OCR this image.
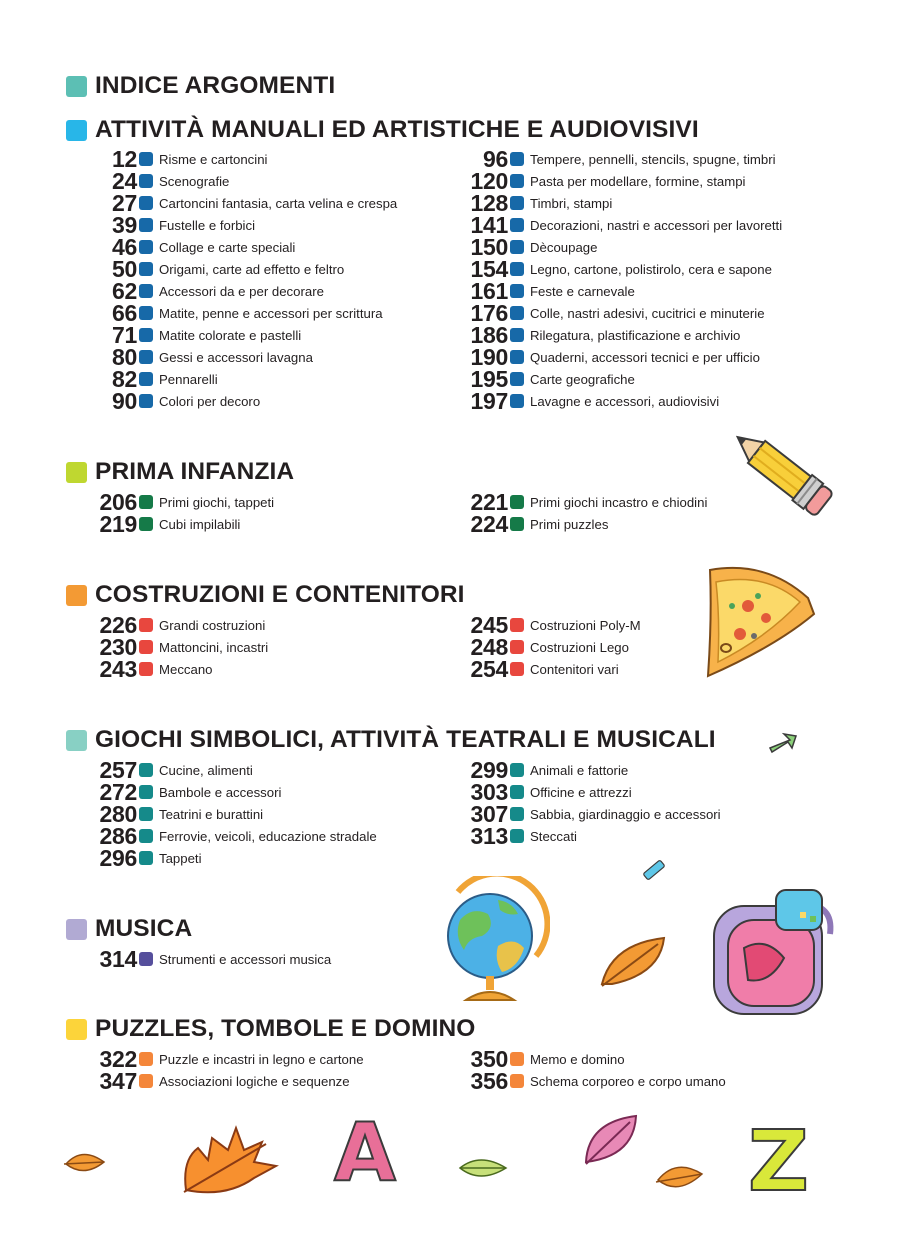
INDICE ARGOMENTI
ATTIVITÀ MANUALI ED ARTISTICHE E AUDIOVISIVI
PRIMA INFANZIA
COSTRUZIONI E CONTENITORI
GIOCHI SIMBOLICI, ATTIVITÀ TEATRALI E MUSICALI
MUSICA
PUZZLES, TOMBOLE E DOMINO
12 Risme e cartoncini
24 Scenografie
27 Cartoncini fantasia, carta velina e crespa
39 Fustelle e forbici
46 Collage e carte speciali
50 Origami, carte ad effetto e feltro
62 Accessori da e per decorare
66 Matite, penne e accessori per scrittura
71 Matite colorate e pastelli
80 Gessi e accessori lavagna
82 Pennarelli
90 Colori per decoro
96 Tempere, pennelli, stencils, spugne, timbri
120 Pasta per modellare, formine, stampi
128 Timbri, stampi
141 Decorazioni, nastri e accessori per lavoretti
150 Dècoupage
154 Legno, cartone, polistirolo, cera e sapone
161 Feste e carnevale
176 Colle, nastri adesivi, cucitrici e minuterie
186 Rilegatura, plastificazione e archivio
190 Quaderni, accessori tecnici e per ufficio
195 Carte geografiche
197 Lavagne e accessori, audiovisivi
206 Primi giochi, tappeti
219 Cubi impilabili
221 Primi giochi incastro e chiodini
224 Primi puzzles
226 Grandi costruzioni
230 Mattoncini, incastri
243 Meccano
245 Costruzioni Poly-M
248 Costruzioni Lego
254 Contenitori vari
257 Cucine, alimenti
272 Bambole e accessori
280 Teatrini e burattini
286 Ferrovie, veicoli, educazione stradale
296 Tappeti
299 Animali e fattorie
303 Officine e attrezzi
307 Sabbia, giardinaggio e accessori
313 Steccati
314 Strumenti e accessori musica
322 Puzzle e incastri in legno e cartone
347 Associazioni logiche e sequenze
350 Memo e domino
356 Schema corporeo e corpo umano
A	Z
